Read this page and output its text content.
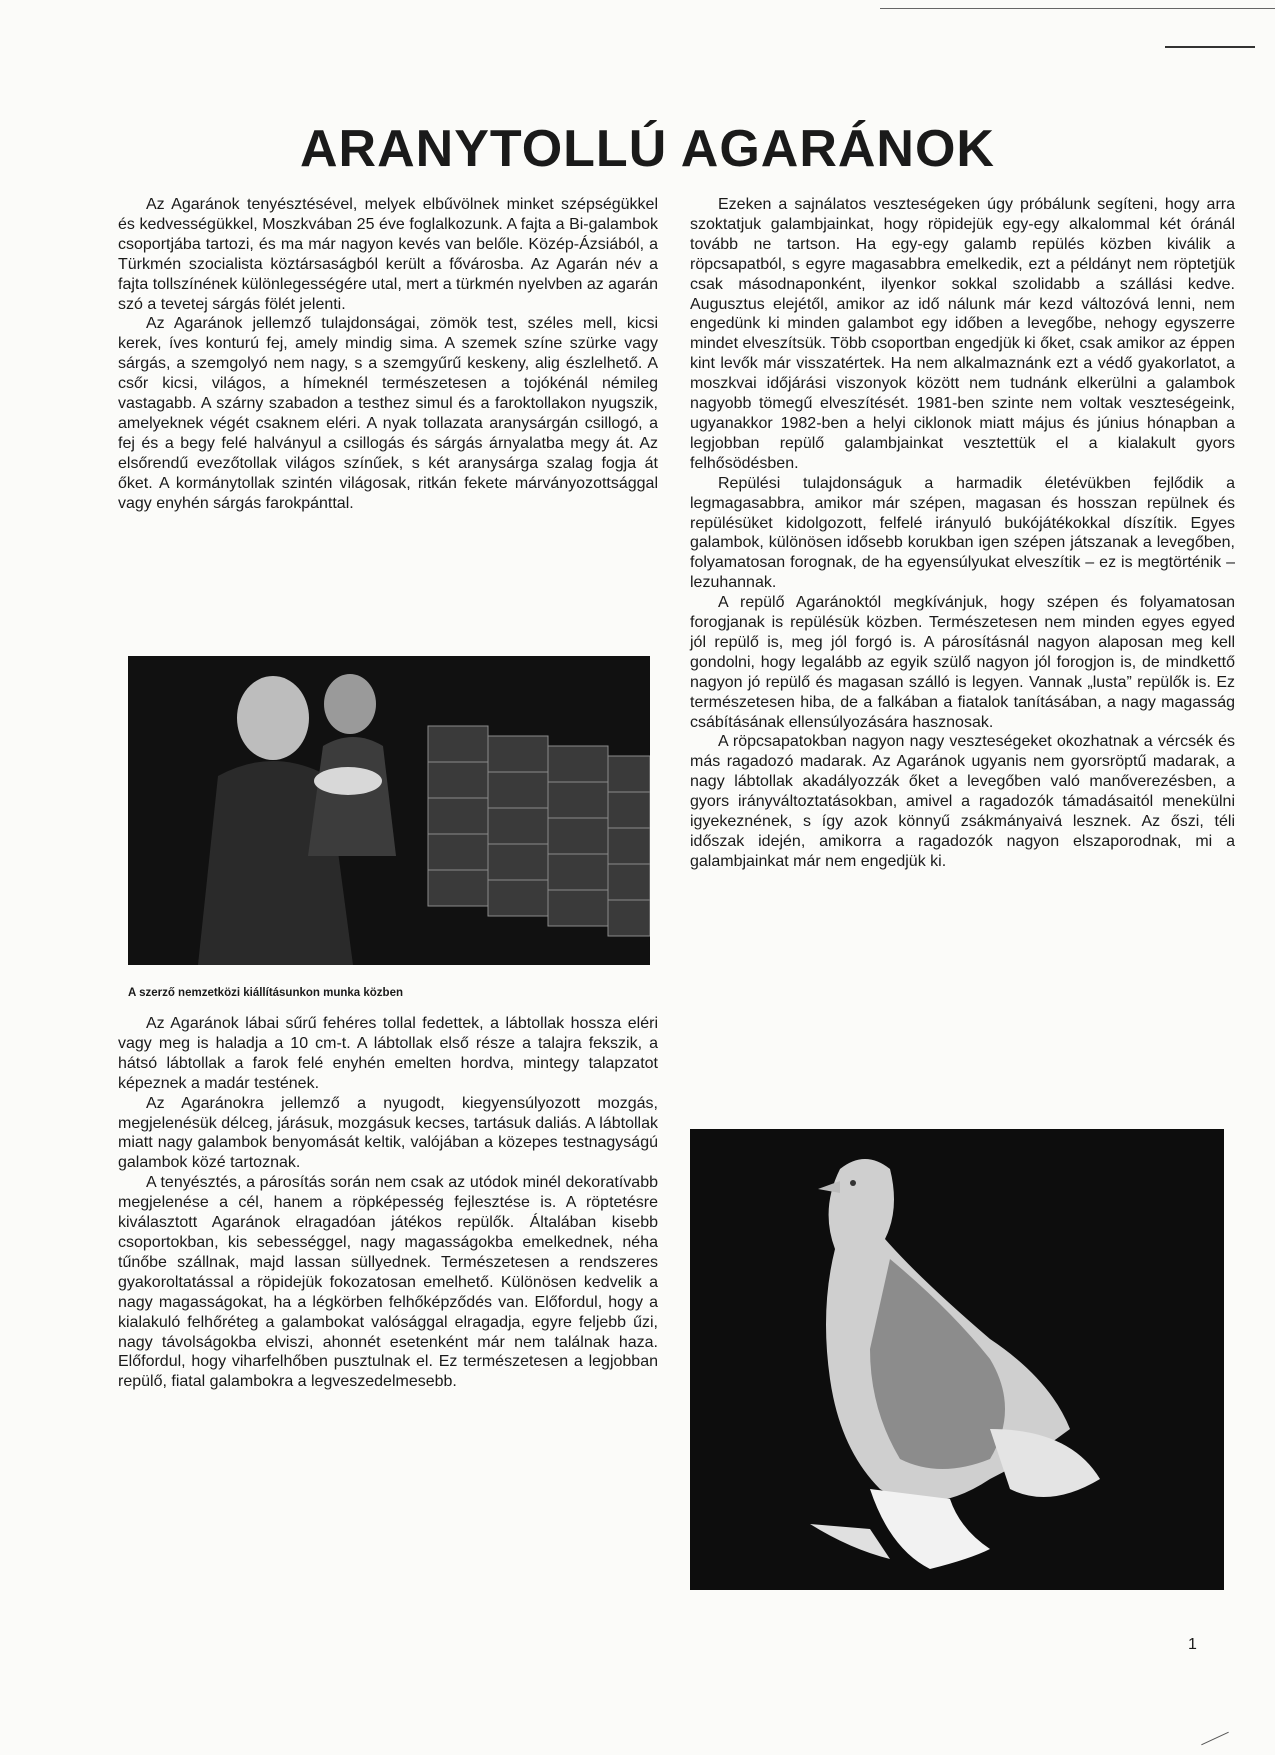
ARANYTOLLÚ AGARÁNOK

Az Agaránok tenyésztésével, melyek elbűvölnek minket szépségükkel és kedvességükkel, Moszkvában 25 éve foglalkozunk. A fajta a Bi-galambok csoportjába tartozi, és ma már nagyon kevés van belőle. Közép-Ázsiából, a Türkmén szocialista köztársaságból került a fővárosba. Az Agarán név a fajta tollszínének különlegességére utal, mert a türkmén nyelvben az agarán szó a tevetej sárgás fölét jelenti.

Az Agaránok jellemző tulajdonságai, zömök test, széles mell, kicsi kerek, íves konturú fej, amely mindig sima. A szemek színe szürke vagy sárgás, a szemgolyó nem nagy, s a szemgyűrű keskeny, alig észlelhető. A csőr kicsi, világos, a hímeknél természetesen a tojókénál némileg vastagabb. A szárny szabadon a testhez simul és a faroktollakon nyugszik, amelyeknek végét csaknem eléri. A nyak tollazata aranysárgán csillogó, a fej és a begy felé halványul a csillogás és sárgás árnyalatba megy át. Az elsőrendű evezőtollak világos színűek, s két aranysárga szalag fogja át őket. A kormánytollak szintén világosak, ritkán fekete márványozottsággal vagy enyhén sárgás farokpánttal.

A szerző nemzetközi kiállításunkon munka közben

Az Agaránok lábai sűrű fehéres tollal fedettek, a lábtollak hossza eléri vagy meg is haladja a 10 cm-t. A lábtollak első része a talajra fekszik, a hátsó lábtollak a farok felé enyhén emelten hordva, mintegy talapzatot képeznek a madár testének.

Az Agaránokra jellemző a nyugodt, kiegyensúlyozott mozgás, megjelenésük délceg, járásuk, mozgásuk kecses, tartásuk daliás. A lábtollak miatt nagy galambok benyomását keltik, valójában a közepes testnagyságú galambok közé tartoznak.

A tenyésztés, a párosítás során nem csak az utódok minél dekoratívabb megjelenése a cél, hanem a röpképesség fejlesztése is. A röptetésre kiválasztott Agaránok elragadóan játékos repülők. Általában kisebb csoportokban, kis sebességgel, nagy magasságokba emelkednek, néha tűnőbe szállnak, majd lassan süllyednek. Természetesen a rendszeres gyakoroltatással a röpidejük fokozatosan emelhető. Különösen kedvelik a nagy magasságokat, ha a légkörben felhőképződés van. Előfordul, hogy a kialakuló felhőréteg a galambokat valósággal elragadja, egyre feljebb űzi, nagy távolságokba elviszi, ahonnét esetenként már nem találnak haza. Előfordul, hogy viharfelhőben pusztulnak el. Ez természetesen a legjobban repülő, fiatal galambokra a legveszedelmesebb.

Ezeken a sajnálatos veszteségeken úgy próbálunk segíteni, hogy arra szoktatjuk galambjainkat, hogy röpidejük egy-egy alkalommal két óránál tovább ne tartson. Ha egy-egy galamb repülés közben kiválik a röpcsapatból, s egyre magasabbra emelkedik, ezt a példányt nem röptetjük csak másodnaponként, ilyenkor sokkal szolidabb a szállási kedve. Augusztus elejétől, amikor az idő nálunk már kezd változóvá lenni, nem engedünk ki minden galambot egy időben a levegőbe, nehogy egyszerre mindet elveszítsük. Több csoportban engedjük ki őket, csak amikor az éppen kint levők már visszatértek. Ha nem alkalmaznánk ezt a védő gyakorlatot, a moszkvai időjárási viszonyok között nem tudnánk elkerülni a galambok nagyobb tömegű elveszítését. 1981-ben szinte nem voltak veszteségeink, ugyanakkor 1982-ben a helyi ciklonok miatt május és június hónapban a legjobban repülő galambjainkat vesztettük el a kialakult gyors felhősödésben.

Repülési tulajdonságuk a harmadik életévükben fejlődik a legmagasabbra, amikor már szépen, magasan és hosszan repülnek és repülésüket kidolgozott, felfelé irányuló bukójátékokkal díszítik. Egyes galambok, különösen idősebb korukban igen szépen játszanak a levegőben, folyamatosan forognak, de ha egyensúlyukat elveszítik – ez is megtörténik – lezuhannak.

A repülő Agaránoktól megkívánjuk, hogy szépen és folyamatosan forogjanak is repülésük közben. Természetesen nem minden egyes egyed jól repülő is, meg jól forgó is. A párosításnál nagyon alaposan meg kell gondolni, hogy legalább az egyik szülő nagyon jól forogjon is, de mindkettő nagyon jó repülő és magasan szálló is legyen. Vannak „lusta” repülők is. Ez természetesen hiba, de a falkában a fiatalok tanításában, a nagy magasság csábításának ellensúlyozására hasznosak.

A röpcsapatokban nagyon nagy veszteségeket okozhatnak a vércsék és más ragadozó madarak. Az Agaránok ugyanis nem gyorsröptű madarak, a nagy lábtollak akadályozzák őket a levegőben való manőverezésben, a gyors irányváltoztatásokban, amivel a ragadozók támadásaitól menekülni igyekeznének, s így azok könnyű zsákmányaivá lesznek. Az őszi, téli időszak idején, amikorra a ragadozók nagyon elszaporodnak, mi a galambjainkat már nem engedjük ki.

1
